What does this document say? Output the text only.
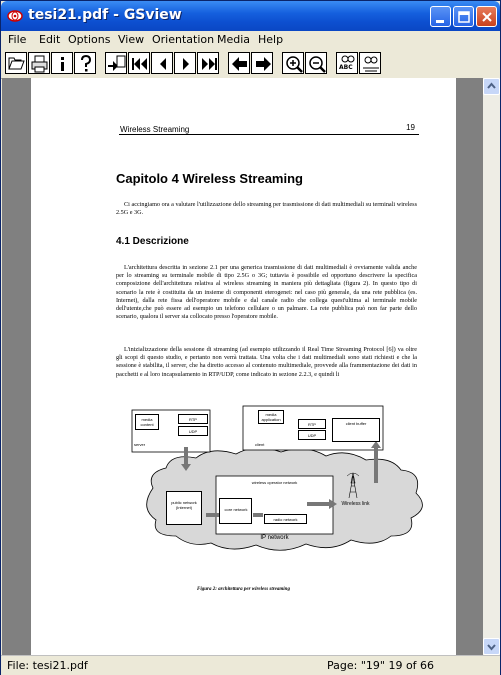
tesi21.pdf - GSview
File Edit Options View Orientation Media Help
ABC
Wireless Streaming	19
Capitolo 4 Wireless Streaming
Ci accingiamo ora a valutare l'utilizzazione dello streaming per trasmissione di dati multimediali su terminali wireless 2.5G e 3G.
4.1 Descrizione
L'architettura descritta in sezione 2.1 per una generica trasmissione di dati multimediali è ovviamente valida anche per lo streaming su terminale mobile di tipo 2.5G o 3G; tuttavia è possibile ed opportuno descrivere la specifica composizione dell'architettura relativa al wireless streaming in maniera più dettagliata (figura 2). In questo tipo di scenario la rete è costituita da un insieme di componenti eterogenei: nel caso più generale, da una rete pubblica (es. Internet), dalla rete fissa dell'operatore mobile e dal canale radio che collega quest'ultima al terminale mobile dell'utente,che può essere ad esempio un telefono cellulare o un palmare. La rete pubblica può non far parte dello scenario, qualora il server sia collocato presso l'operatore mobile.
L'inizializzazione della sessione di streaming (ad esempio utilizzando il Real Time Streaming Protocol [6]) va oltre gli scopi di questo studio, e pertanto non verrà trattata. Una volta che i dati multimediali sono stati richiesti e che la sessione è stabilita, il server, che ha diretto accesso al contenuto multimediale, provvede alla frammentazione dei dati in pacchetti e al loro incapsulamento in RTP/UDP, come indicato in sezione 2.2.3, e quindi li
media content
RTP
UDP
server
media application
RTP
UDP
client buffer
client
wireless operator network
public network (Internet)	core network
radio network
Wireless link
IP network
Figura 2: architettura per wireless streaming
File: tesi21.pdf	Page: "19" 19 of 66
